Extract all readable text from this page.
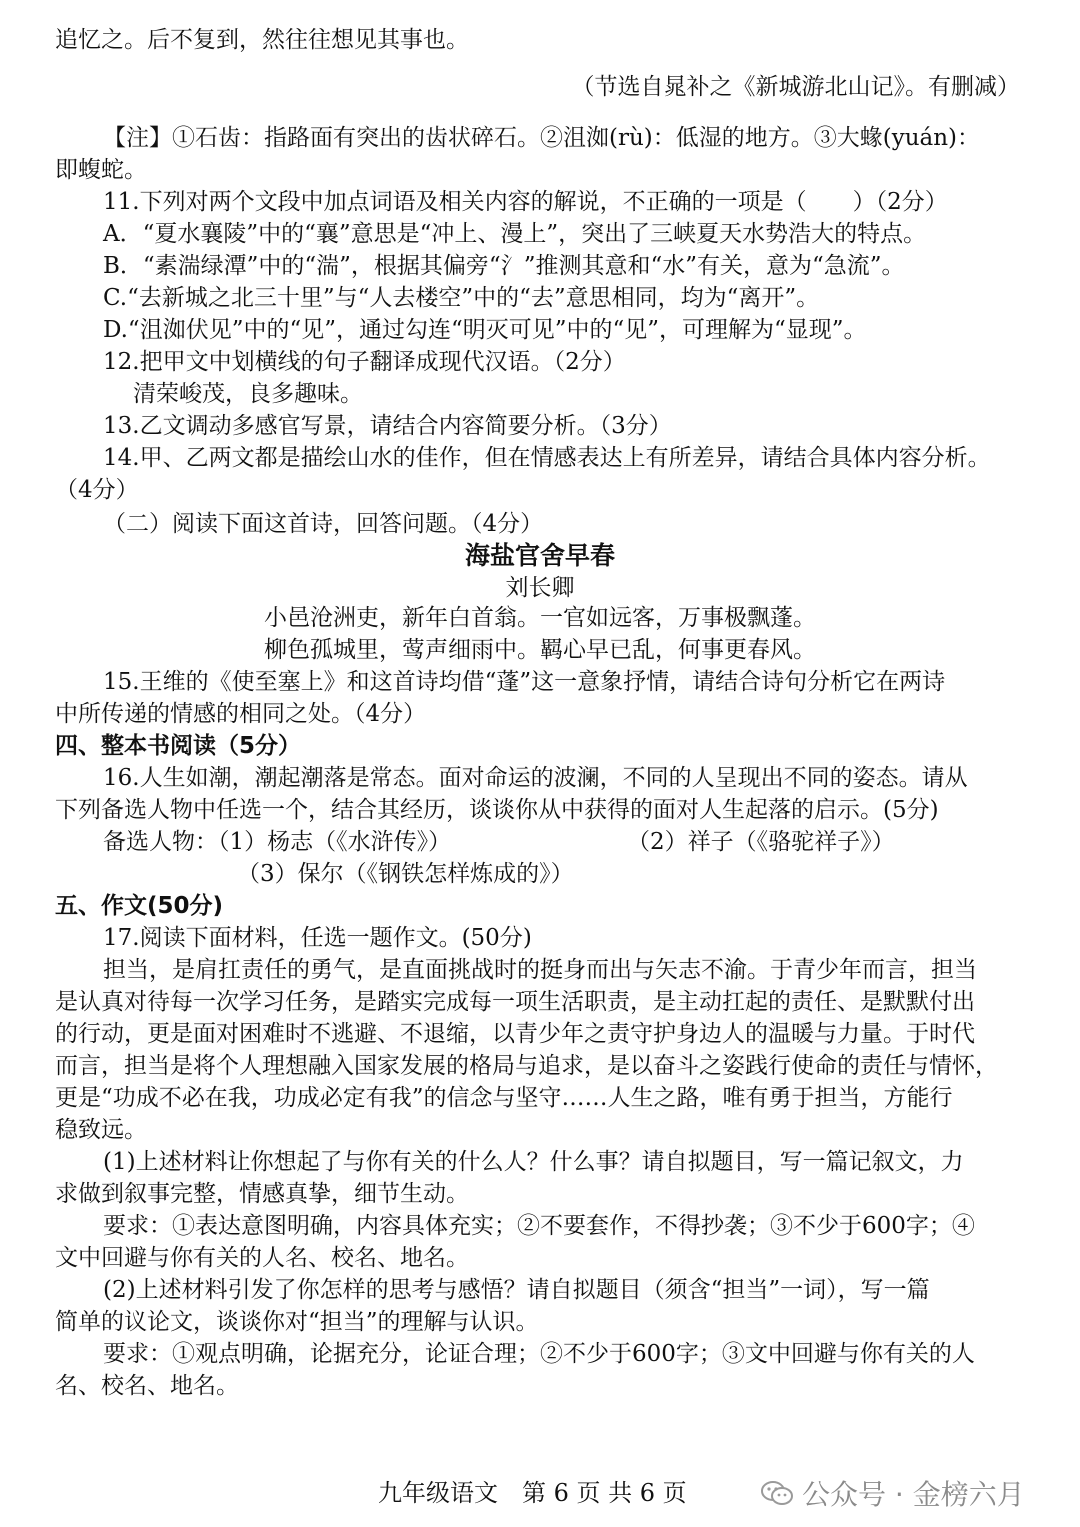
追忆之。后不复到，然往往想见其事也。
（节选自晁补之《新城游北山记》。有删减）
【注】①石齿：指路面有突出的齿状碎石。②沮洳(rù)：低湿的地方。③大蝝(yuán)：
即蝮蛇。
11.下列对两个文段中加点词语及相关内容的解说，不正确的一项是（　　）（2分）
A．“夏水襄陵”中的“襄”意思是“冲上、漫上”，突出了三峡夏天水势浩大的特点。
B．“素湍绿潭”中的“湍”，根据其偏旁“氵”推测其意和“水”有关，意为“急流”。
C.“去新城之北三十里”与“人去楼空”中的“去”意思相同，均为“离开”。
D.“沮洳伏见”中的“见”，通过勾连“明灭可见”中的“见”，可理解为“显现”。
12.把甲文中划横线的句子翻译成现代汉语。（2分）
清荣峻茂，良多趣味。
13.乙文调动多感官写景，请结合内容简要分析。（3分）
14.甲、乙两文都是描绘山水的佳作，但在情感表达上有所差异，请结合具体内容分析。
（4分）
（二）阅读下面这首诗，回答问题。（4分）
海盐官舍早春
刘长卿
小邑沧洲吏，新年白首翁。一官如远客，万事极飘蓬。
柳色孤城里，莺声细雨中。羁心早已乱，何事更春风。
15.王维的《使至塞上》和这首诗均借“蓬”这一意象抒情，请结合诗句分析它在两诗
中所传递的情感的相同之处。（4分）
四、整本书阅读（5分）
16.人生如潮，潮起潮落是常态。面对命运的波澜，不同的人呈现出不同的姿态。请从
下列备选人物中任选一个，结合其经历，谈谈你从中获得的面对人生起落的启示。(5分)
备选人物：（1）杨志（《水浒传》）	（2）祥子（《骆驼祥子》）
（3）保尔（《钢铁怎样炼成的》）
五、作文(50分)
17.阅读下面材料，任选一题作文。(50分)
担当，是肩扛责任的勇气，是直面挑战时的挺身而出与矢志不渝。于青少年而言，担当
是认真对待每一次学习任务，是踏实完成每一项生活职责，是主动扛起的责任、是默默付出
的行动，更是面对困难时不逃避、不退缩，以青少年之责守护身边人的温暖与力量。于时代
而言，担当是将个人理想融入国家发展的格局与追求，是以奋斗之姿践行使命的责任与情怀，
更是“功成不必在我，功成必定有我”的信念与坚守……人生之路，唯有勇于担当，方能行
稳致远。
(1)上述材料让你想起了与你有关的什么人？什么事？请自拟题目，写一篇记叙文，力
求做到叙事完整，情感真挚，细节生动。
要求：①表达意图明确，内容具体充实；②不要套作，不得抄袭；③不少于600字；④
文中回避与你有关的人名、校名、地名。
(2)上述材料引发了你怎样的思考与感悟？请自拟题目（须含“担当”一词），写一篇
简单的议论文，谈谈你对“担当”的理解与认识。
要求：①观点明确，论据充分，论证合理；②不少于600字；③文中回避与你有关的人
名、校名、地名。
九年级语文　第 6 页 共 6 页	公众号 · 金榜六月
